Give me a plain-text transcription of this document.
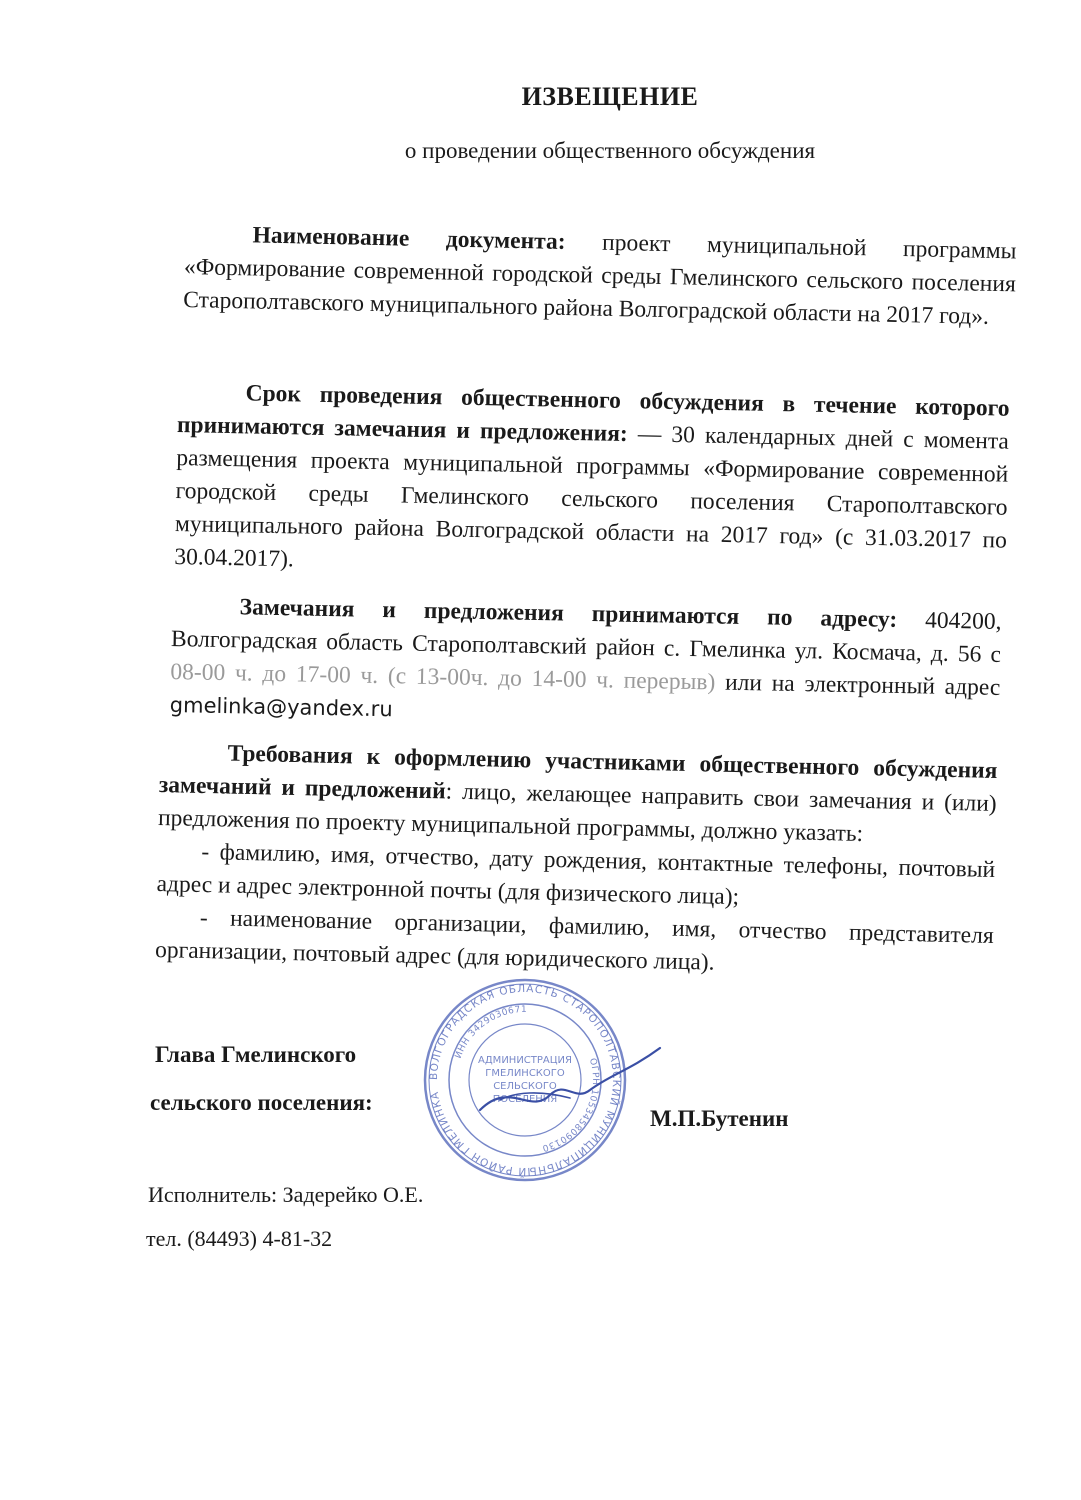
ИЗВЕЩЕНИЕ
о проведении общественного обсуждения
Наименование документа: проект муниципальной программы «Формирование современной городской среды Гмелинского сельского поселения Старополтавского муниципального района Волгоградской области на 2017 год».
Срок проведения общественного обсуждения в течение которого принимаются замечания и предложения: — 30 календарных дней с момента размещения проекта муниципальной программы «Формирование современной городской среды Гмелинского сельского поселения Старополтавского муниципального района Волгоградской области на 2017 год» (с 31.03.2017 по 30.04.2017).
Замечания и предложения принимаются по адресу: 404200, Волгоградская область Старополтавский район с. Гмелинка ул. Космача, д. 56 с 08-00 ч. до 17-00 ч. (с 13-00ч. до 14-00 ч. перерыв) или на электронный адрес gmelinka@yandex.ru
Требования к оформлению участниками общественного обсуждения замечаний и предложений: лицо, желающее направить свои замечания и (или) предложения по проекту муниципальной программы, должно указать:
- фамилию, имя, отчество, дату рождения, контактные телефоны, почтовый адрес и адрес электронной почты (для физического лица);
- наименование организации, фамилию, имя, отчество представителя организации, почтовый адрес (для юридического лица).
ВОЛГОГРАДСКАЯ ОБЛАСТЬ СТАРОПОЛТАВСКИЙ МУНИЦИПАЛЬНЫЙ РАЙОН ГМЕЛИНКА
ИНН 3429030671
ОГРН 1053458090130
АДМИНИСТРАЦИЯ
ГМЕЛИНСКОГО
СЕЛЬСКОГО
ПОСЕЛЕНИЯ
Глава Гмелинского
сельского поселения:
М.П.Бутенин
Исполнитель: Задерейко О.Е.
тел. (84493) 4-81-32
